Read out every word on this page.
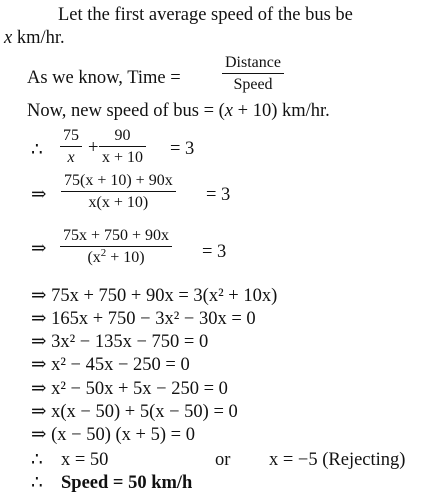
Let the first average speed of the bus be
x km/hr.
As we know, Time =
Distance
Speed
Now, new speed of bus = (x + 10) km/hr.
∴ $\frac{75}{x} + \frac{90}{x + 10} = 3$
⇒ $\frac{75(x + 10) + 90x}{x(x + 10)} = 3$
⇒ $\frac{75x + 750 + 90x}{(x^2 + 10)} = 3$
⇒ 75x + 750 + 90x = 3(x² + 10x)
⇒ 165x + 750 − 3x² − 30x = 0
⇒ 3x² − 135x − 750 = 0
⇒ x² − 45x − 250 = 0
⇒ x² − 50x + 5x − 250 = 0
⇒ x(x − 50) + 5(x − 50) = 0
⇒ (x − 50) (x + 5) = 0
∴ x = 50	or x = −5 (Rejecting)
∴ Speed = 50 km/h
